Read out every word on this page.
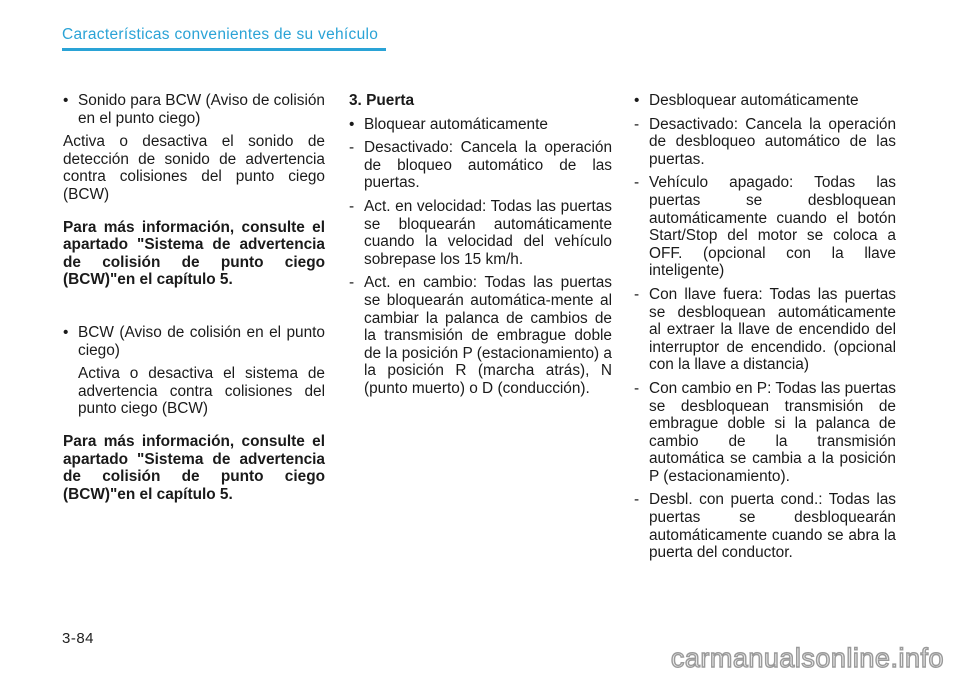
Características convenientes de su vehículo
• Sonido para BCW (Aviso de colisión en el punto ciego)

Activa o desactiva el sonido de detección de sonido de advertencia contra colisiones del punto ciego (BCW)

Para más información, consulte el apartado "Sistema de advertencia de colisión de punto ciego (BCW)"en el capítulo 5.

• BCW (Aviso de colisión en el punto ciego)

Activa o desactiva el sistema de advertencia contra colisiones del punto ciego (BCW)

Para más información, consulte el apartado "Sistema de advertencia de colisión de punto ciego (BCW)"en el capítulo 5.

3. Puerta
• Bloquear automáticamente
- Desactivado: Cancela la operación de bloqueo automático de las puertas.
- Act. en velocidad: Todas las puertas se bloquearán automáticamente cuando la velocidad del vehículo sobrepase los 15 km/h.
- Act. en cambio: Todas las puertas se bloquearán automática-mente al cambiar la palanca de cambios de la transmisión de embrague doble de la posición P (estacionamiento) a la posición R (marcha atrás), N (punto muerto) o D (conducción).
• Desbloquear automáticamente
- Desactivado: Cancela la operación de desbloqueo automático de las puertas.
- Vehículo apagado: Todas las puertas se desbloquean automáticamente cuando el botón Start/Stop del motor se coloca a OFF. (opcional con la llave inteligente)
- Con llave fuera: Todas las puertas se desbloquean automáticamente al extraer la llave de encendido del interruptor de encendido. (opcional con la llave a distancia)
- Con cambio en P: Todas las puertas se desbloquean transmisión de embrague doble si la palanca de cambio de la transmisión automática se cambia a la posición P (estacionamiento).
- Desbl. con puerta cond.: Todas las puertas se desbloquearán automáticamente cuando se abra la puerta del conductor.
3-84
carmanualsonline.info
